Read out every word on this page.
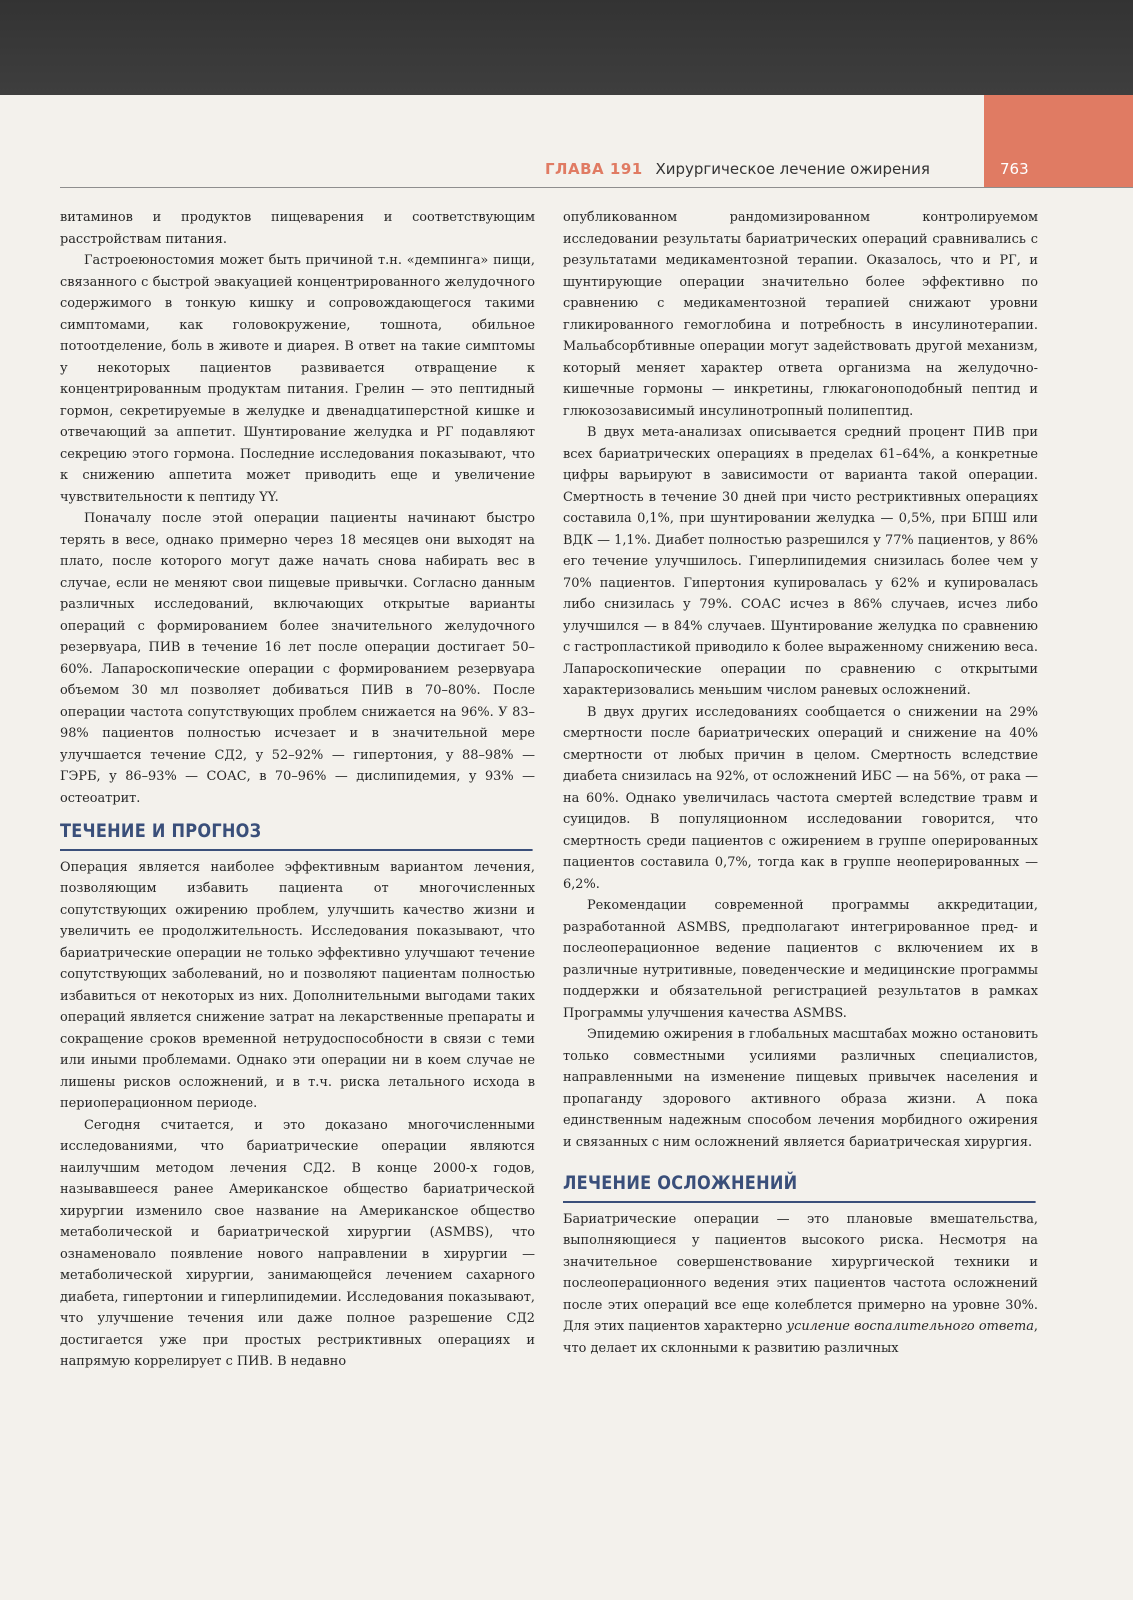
ГЛАВА 191 Хирургическое лечение ожирения	763

витаминов и продуктов пищеварения и соответствующим расстройствам питания.

Гастроеюностомия может быть причиной т.н. «демпинга» пищи, связанного с быстрой эвакуацией концентрированного желудочного содержимого в тонкую кишку и сопровождающегося такими симптомами, как головокружение, тошнота, обильное потоотделение, боль в животе и диарея. В ответ на такие симптомы у некоторых пациентов развивается отвращение к концентрированным продуктам питания. Грелин — это пептидный гормон, секретируемые в желудке и двенадцатиперстной кишке и отвечающий за аппетит. Шунтирование желудка и РГ подавляют секрецию этого гормона. Последние исследования показывают, что к снижению аппетита может приводить еще и увеличение чувствительности к пептиду YY.

Поначалу после этой операции пациенты начинают быстро терять в весе, однако примерно через 18 месяцев они выходят на плато, после которого могут даже начать снова набирать вес в случае, если не меняют свои пищевые привычки. Согласно данным различных исследований, включающих открытые варианты операций с формированием более значительного желудочного резервуара, ПИВ в течение 16 лет после операции достигает 50–60%. Лапароскопические операции с формированием резервуара объемом 30 мл позволяет добиваться ПИВ в 70–80%. После операции частота сопутствующих проблем снижается на 96%. У 83–98% пациентов полностью исчезает и в значительной мере улучшается течение СД2, у 52–92% — гипертония, у 88–98% — ГЭРБ, у 86–93% — СОАС, в 70–96% — дислипидемия, у 93% — остеоатрит.

ТЕЧЕНИЕ И ПРОГНОЗ

Операция является наиболее эффективным вариантом лечения, позволяющим избавить пациента от многочисленных сопутствующих ожирению проблем, улучшить качество жизни и увеличить ее продолжительность. Исследования показывают, что бариатрические операции не только эффективно улучшают течение сопутствующих заболеваний, но и позволяют пациентам полностью избавиться от некоторых из них. Дополнительными выгодами таких операций является снижение затрат на лекарственные препараты и сокращение сроков временной нетрудоспособности в связи с теми или иными проблемами. Однако эти операции ни в коем случае не лишены рисков осложнений, и в т.ч. риска летального исхода в периоперационном периоде.

Сегодня считается, и это доказано многочисленными исследованиями, что бариатрические операции являются наилучшим методом лечения СД2. В конце 2000-х годов, называвшееся ранее Американское общество бариатрической хирургии изменило свое название на Американское общество метаболической и бариатрической хирургии (ASMBS), что ознаменовало появление нового направлении в хирургии — метаболической хирургии, занимающейся лечением сахарного диабета, гипертонии и гиперлипидемии. Исследования показывают, что улучшение течения или даже полное разрешение СД2 достигается уже при простых рестриктивных операциях и напрямую коррелирует с ПИВ. В недавно

опубликованном рандомизированном контролируемом исследовании результаты бариатрических операций сравнивались с результатами медикаментозной терапии. Оказалось, что и РГ, и шунтирующие операции значительно более эффективно по сравнению с медикаментозной терапией снижают уровни гликированного гемоглобина и потребность в инсулинотерапии. Мальабсорбтивные операции могут задействовать другой механизм, который меняет характер ответа организма на желудочно-кишечные гормоны — инкретины, глюкагоноподобный пептид и глюкозозависимый инсулинотропный полипептид.

В двух мета-анализах описывается средний процент ПИВ при всех бариатрических операциях в пределах 61–64%, а конкретные цифры варьируют в зависимости от варианта такой операции. Смертность в течение 30 дней при чисто рестриктивных операциях составила 0,1%, при шунтировании желудка — 0,5%, при БПШ или ВДК — 1,1%. Диабет полностью разрешился у 77% пациентов, у 86% его течение улучшилось. Гиперлипидемия снизилась более чем у 70% пациентов. Гипертония купировалась у 62% и купировалась либо снизилась у 79%. СОАС исчез в 86% случаев, исчез либо улучшился — в 84% случаев. Шунтирование желудка по сравнению с гастропластикой приводило к более выраженному снижению веса. Лапароскопические операции по сравнению с открытыми характеризовались меньшим числом раневых осложнений.

В двух других исследованиях сообщается о снижении на 29% смертности после бариатрических операций и снижение на 40% смертности от любых причин в целом. Смертность вследствие диабета снизилась на 92%, от осложнений ИБС — на 56%, от рака — на 60%. Однако увеличилась частота смертей вследствие травм и суицидов. В популяционном исследовании говорится, что смертность среди пациентов с ожирением в группе оперированных пациентов составила 0,7%, тогда как в группе неоперированных — 6,2%.

Рекомендации современной программы аккредитации, разработанной ASMBS, предполагают интегрированное пред- и послеоперационное ведение пациентов с включением их в различные нутритивные, поведенческие и медицинские программы поддержки и обязательной регистрацией результатов в рамках Программы улучшения качества ASMBS.

Эпидемию ожирения в глобальных масштабах можно остановить только совместными усилиями различных специалистов, направленными на изменение пищевых привычек населения и пропаганду здорового активного образа жизни. А пока единственным надежным способом лечения морбидного ожирения и связанных с ним осложнений является бариатрическая хирургия.

ЛЕЧЕНИЕ ОСЛОЖНЕНИЙ

Бариатрические операции — это плановые вмешательства, выполняющиеся у пациентов высокого риска. Несмотря на значительное совершенствование хирургической техники и послеоперационного ведения этих пациентов частота осложнений после этих операций все еще колеблется примерно на уровне 30%. Для этих пациентов характерно усиление воспалительного ответа, что делает их склонными к развитию различных
